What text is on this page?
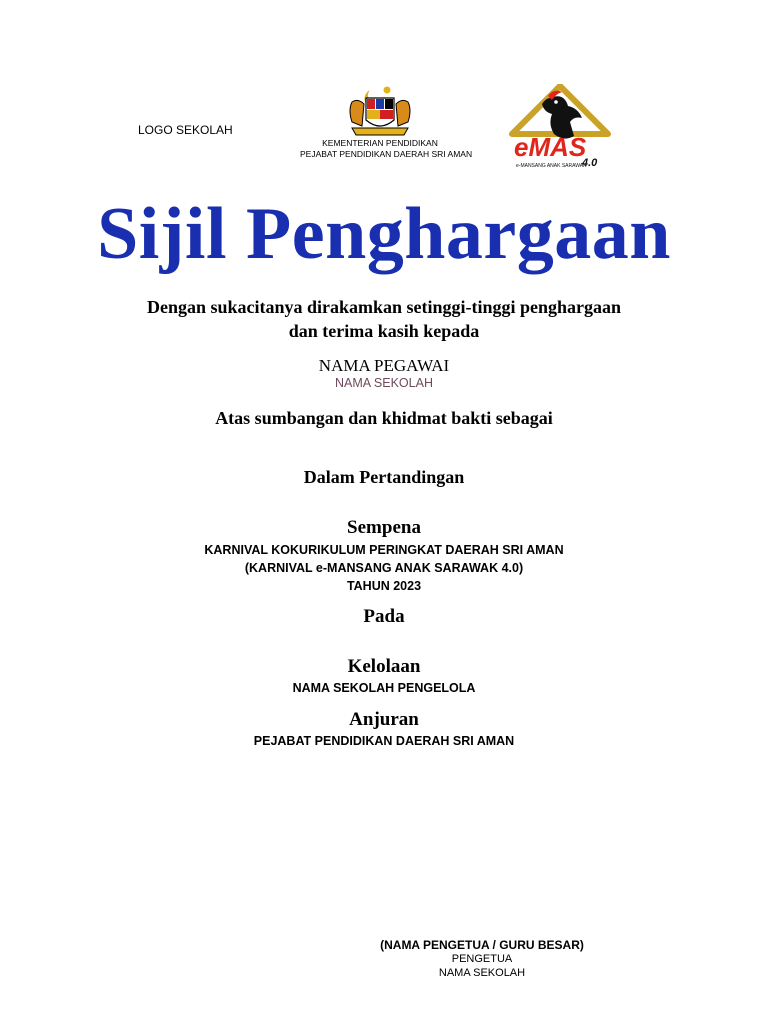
LOGO SEKOLAH
KEMENTERIAN PENDIDIKAN
PEJABAT PENDIDIKAN DAERAH SRI AMAN eMAS
4.0
e-MANSANG ANAK SARAWAK
Sijil Penghargaan
Dengan sukacitanya dirakamkan setinggi-tinggi penghargaan
dan terima kasih kepada
NAMA PEGAWAI
NAMA SEKOLAH
Atas sumbangan dan khidmat bakti sebagai
Dalam Pertandingan
Sempena
KARNIVAL KOKURIKULUM PERINGKAT DAERAH SRI AMAN
(KARNIVAL e-MANSANG ANAK SARAWAK 4.0)
TAHUN 2023
Pada
Kelolaan
NAMA SEKOLAH PENGELOLA
Anjuran
PEJABAT PENDIDIKAN DAERAH SRI AMAN
(NAMA PENGETUA / GURU BESAR)
PENGETUA
NAMA SEKOLAH
